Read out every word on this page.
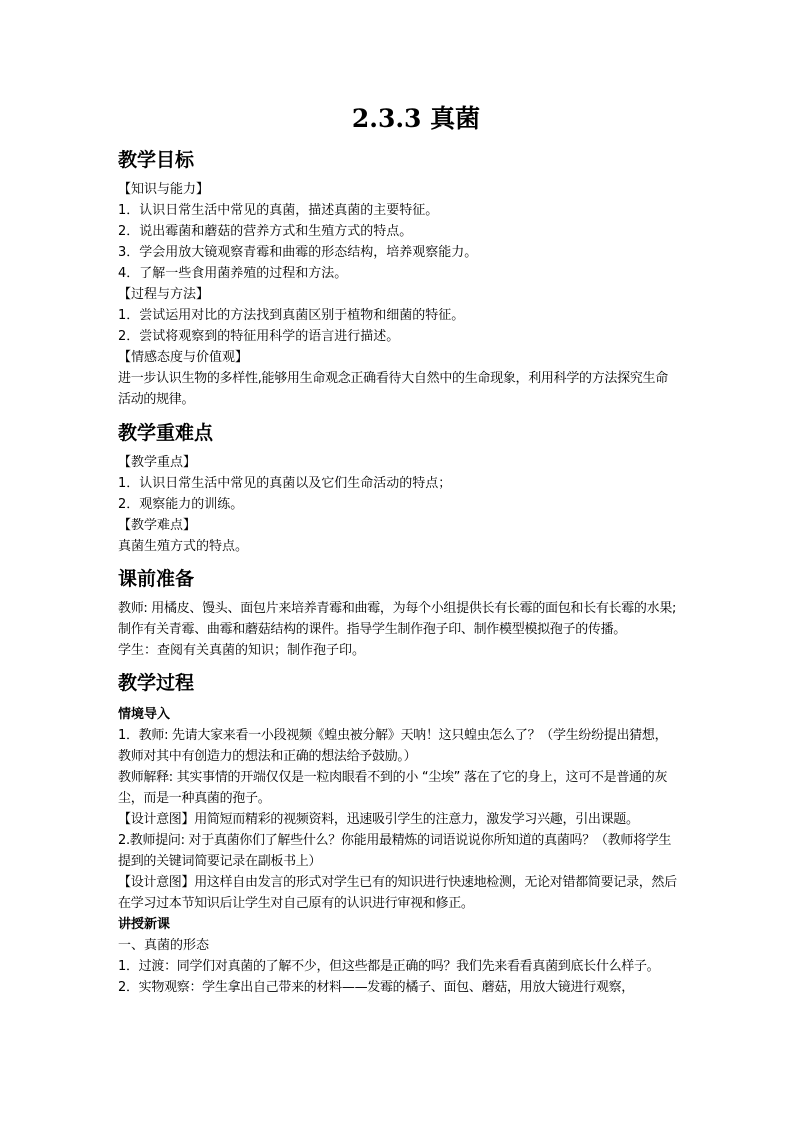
2.3.3 真菌
教学目标

【知识与能力】

1．认识日常生活中常见的真菌，描述真菌的主要特征。

2．说出霉菌和蘑菇的营养方式和生殖方式的特点。

3．学会用放大镜观察青霉和曲霉的形态结构，培养观察能力。

4．了解一些食用菌养殖的过程和方法。

【过程与方法】

1．尝试运用对比的方法找到真菌区别于植物和细菌的特征。

2．尝试将观察到的特征用科学的语言进行描述。

【情感态度与价值观】

进一步认识生物的多样性,能够用生命观念正确看待大自然中的生命现象，利用科学的方法探究生命活动的规律。

教学重难点

【教学重点】

1．认识日常生活中常见的真菌以及它们生命活动的特点；

2．观察能力的训练。

【教学难点】

真菌生殖方式的特点。

课前准备

教师: 用橘皮、馒头、面包片来培养青霉和曲霉，为每个小组提供长有长霉的面包和长有长霉的水果; 制作有关青霉、曲霉和蘑菇结构的课件。指导学生制作孢子印、制作模型模拟孢子的传播。

学生：查阅有关真菌的知识；制作孢子印。

教学过程

情境导入

1．教师: 先请大家来看一小段视频《蝗虫被分解》天呐！这只蝗虫怎么了？（学生纷纷提出猜想，教师对其中有创造力的想法和正确的想法给予鼓励。）

教师解释: 其实事情的开端仅仅是一粒肉眼看不到的小 “尘埃” 落在了它的身上，这可不是普通的灰尘，而是一种真菌的孢子。

【设计意图】用简短而精彩的视频资料，迅速吸引学生的注意力，激发学习兴趣，引出课题。

2.教师提问: 对于真菌你们了解些什么？你能用最精炼的词语说说你所知道的真菌吗？（教师将学生提到的关键词简要记录在副板书上）

【设计意图】用这样自由发言的形式对学生已有的知识进行快速地检测，无论对错都简要记录，然后在学习过本节知识后让学生对自己原有的认识进行审视和修正。

讲授新课

一、真菌的形态

1．过渡：同学们对真菌的了解不少，但这些都是正确的吗？我们先来看看真菌到底长什么样子。

2．实物观察：学生拿出自己带来的材料——发霉的橘子、面包、蘑菇，用放大镜进行观察，
